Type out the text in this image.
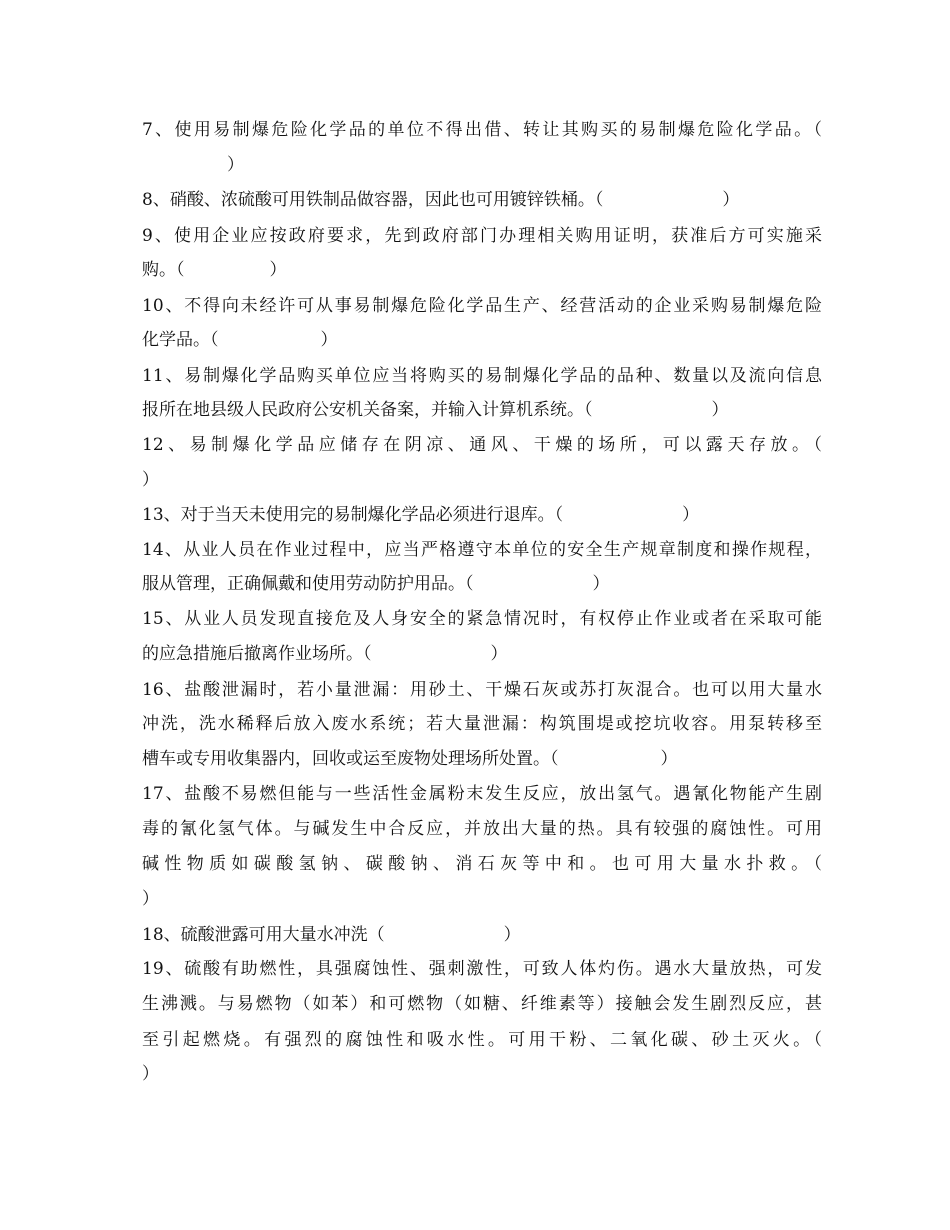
7、使用易制爆危险化学品的单位不得出借、转让其购买的易制爆危险化学品。（
　　　　　）
8、硝酸、浓硫酸可用铁制品做容器，因此也可用镀锌铁桶。（　　　　　　　）
9、使用企业应按政府要求，先到政府部门办理相关购用证明，获准后方可实施采
购。（　　　　　）
10、不得向未经许可从事易制爆危险化学品生产、经营活动的企业采购易制爆危险
化学品。（　　　　　　）
11、易制爆化学品购买单位应当将购买的易制爆化学品的品种、数量以及流向信息
报所在地县级人民政府公安机关备案，并输入计算机系统。（　　　　　　　）
12、易制爆化学品应储存在阴凉、通风、干燥的场所，可以露天存放。（
）
13、对于当天未使用完的易制爆化学品必须进行退库。（　　　　　　　）
14、从业人员在作业过程中，应当严格遵守本单位的安全生产规章制度和操作规程，
服从管理，正确佩戴和使用劳动防护用品。（　　　　　　　）
15、从业人员发现直接危及人身安全的紧急情况时，有权停止作业或者在采取可能
的应急措施后撤离作业场所。（　　　　　　　）
16、盐酸泄漏时，若小量泄漏：用砂土、干燥石灰或苏打灰混合。也可以用大量水
冲洗，洗水稀释后放入废水系统；若大量泄漏：构筑围堤或挖坑收容。用泵转移至
槽车或专用收集器内，回收或运至废物处理场所处置。（　　　　　　）
17、盐酸不易燃但能与一些活性金属粉末发生反应，放出氢气。遇氰化物能产生剧
毒的氰化氢气体。与碱发生中合反应，并放出大量的热。具有较强的腐蚀性。可用
碱性物质如碳酸氢钠、碳酸钠、消石灰等中和。也可用大量水扑救。（
）
18、硫酸泄露可用大量水冲洗（　　　　　　　）
19、硫酸有助燃性，具强腐蚀性、强刺激性，可致人体灼伤。遇水大量放热，可发
生沸溅。与易燃物（如苯）和可燃物（如糖、纤维素等）接触会发生剧烈反应，甚
至引起燃烧。有强烈的腐蚀性和吸水性。可用干粉、二氧化碳、砂土灭火。（
）
